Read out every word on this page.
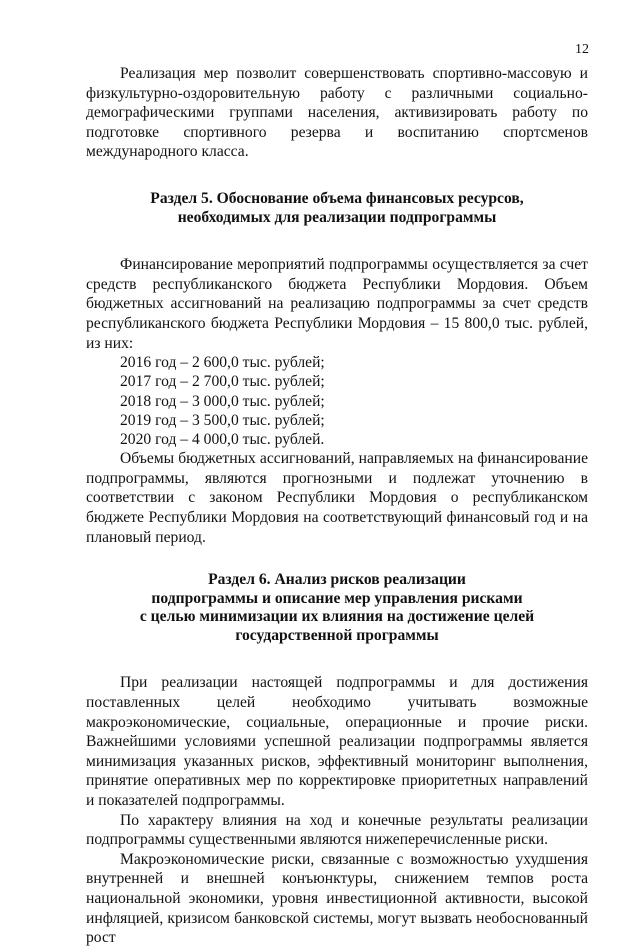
12

Реализация мер позволит совершенствовать спортивно-массовую и физкультурно-оздоровительную работу с различными социально-демографическими группами населения, активизировать работу по подготовке спортивного резерва и воспитанию спортсменов международного класса.

Раздел 5. Обоснование объема финансовых ресурсов,
необходимых для реализации подпрограммы

Финансирование мероприятий подпрограммы осуществляется за счет средств республиканского бюджета Республики Мордовия. Объем бюджетных ассигнований на реализацию подпрограммы за счет средств республиканского бюджета Республики Мордовия – 15 800,0 тыс. рублей, из них:

2016 год – 2 600,0 тыс. рублей;
2017 год – 2 700,0 тыс. рублей;
2018 год – 3 000,0 тыс. рублей;
2019 год – 3 500,0 тыс. рублей;
2020 год – 4 000,0 тыс. рублей.

Объемы бюджетных ассигнований, направляемых на финансирование подпрограммы, являются прогнозными и подлежат уточнению в соответствии с законом Республики Мордовия о республиканском бюджете Республики Мордовия на соответствующий финансовый год и на плановый период.

Раздел 6. Анализ рисков реализации
подпрограммы и описание мер управления рисками
с целью минимизации их влияния на достижение целей
государственной программы

При реализации настоящей подпрограммы и для достижения поставленных целей необходимо учитывать возможные макроэкономические, социальные, операционные и прочие риски. Важнейшими условиями успешной реализации подпрограммы является минимизация указанных рисков, эффективный мониторинг выполнения, принятие оперативных мер по корректировке приоритетных направлений и показателей подпрограммы.

По характеру влияния на ход и конечные результаты реализации подпрограммы существенными являются нижеперечисленные риски.

Макроэкономические риски, связанные с возможностью ухудшения внутренней и внешней конъюнктуры, снижением темпов роста национальной экономики, уровня инвестиционной активности, высокой инфляцией, кризисом банковской системы, могут вызвать необоснованный рост
